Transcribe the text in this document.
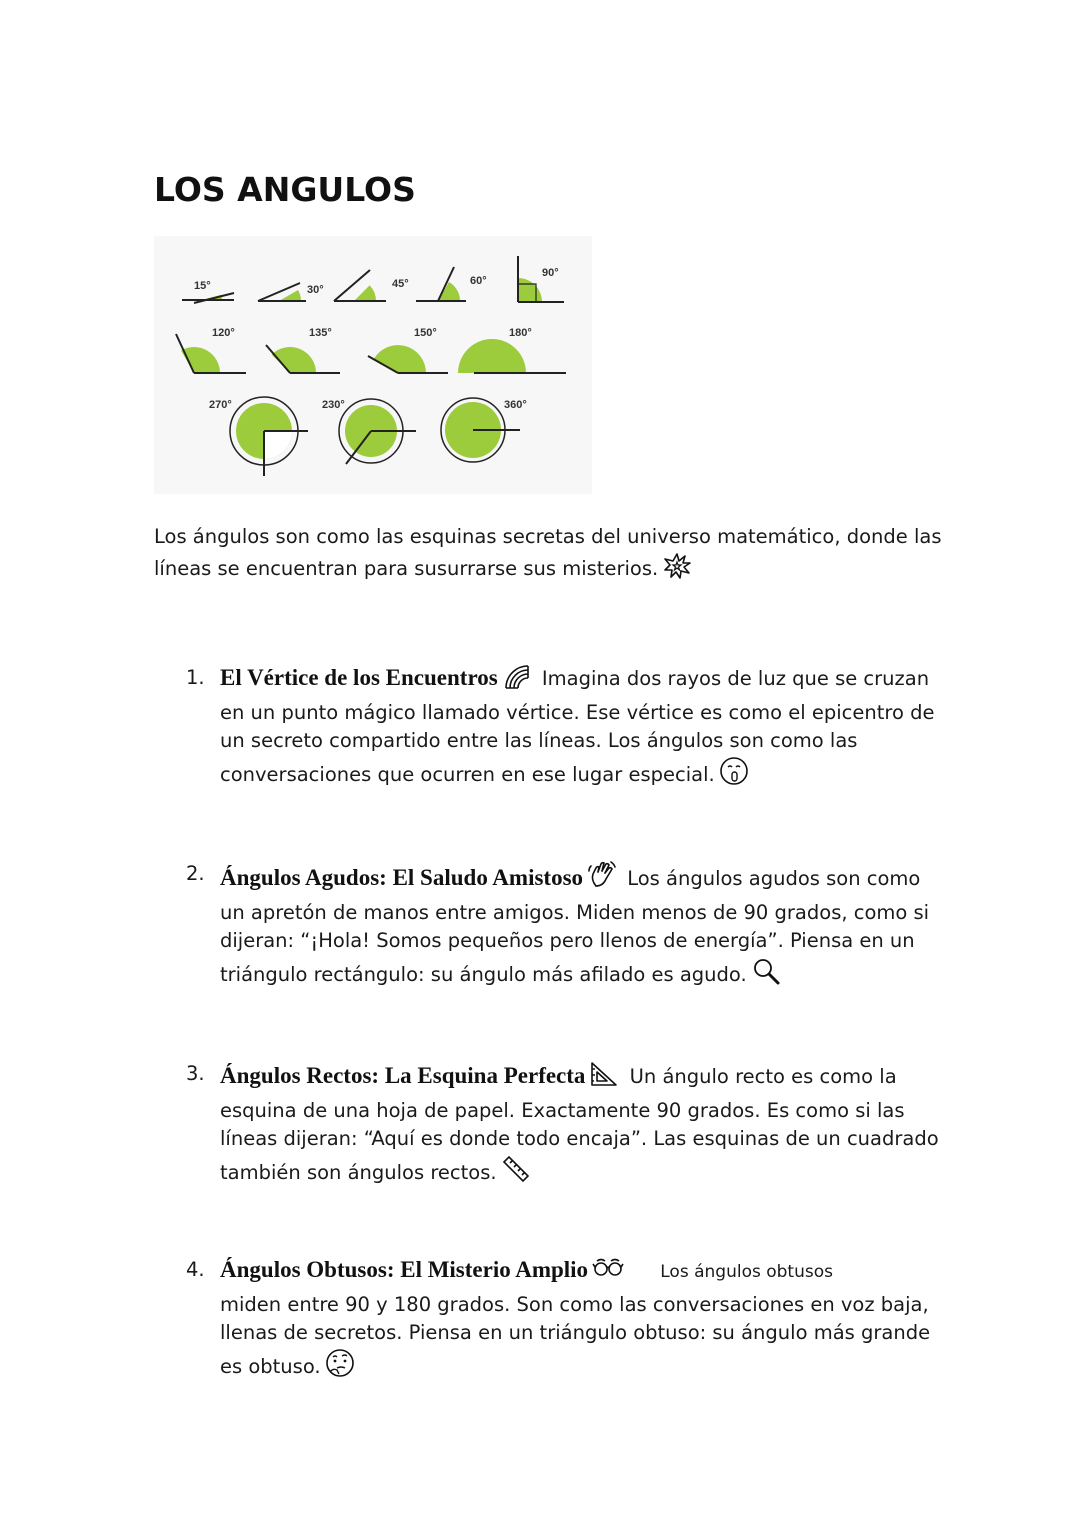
LOS ANGULOS
15°	30°	45°	60°
90°
120°	135°	150°	180°
270°	230°	360°

Los ángulos son como las esquinas secretas del universo matemático, donde las líneas se encuentran para susurrarse sus misterios.

1. El Vértice de los Encuentros Imagina dos rayos de luz que se cruzan en un punto mágico llamado vértice. Ese vértice es como el epicentro de un secreto compartido entre las líneas. Los ángulos son como las conversaciones que ocurren en ese lugar especial.
2. Ángulos Agudos: El Saludo Amistoso Los ángulos agudos son como un apretón de manos entre amigos. Miden menos de 90 grados, como si dijeran: “¡Hola! Somos pequeños pero llenos de energía”. Piensa en un triángulo rectángulo: su ángulo más afilado es agudo.
3. Ángulos Rectos: La Esquina Perfecta Un ángulo recto es como la esquina de una hoja de papel. Exactamente 90 grados. Es como si las líneas dijeran: “Aquí es donde todo encaja”. Las esquinas de un cuadrado también son ángulos rectos.
4. Ángulos Obtusos: El Misterio Amplio	Los ángulos obtusos
miden entre 90 y 180 grados. Son como las conversaciones en voz baja, llenas de secretos. Piensa en un triángulo obtuso: su ángulo más grande es obtuso.
